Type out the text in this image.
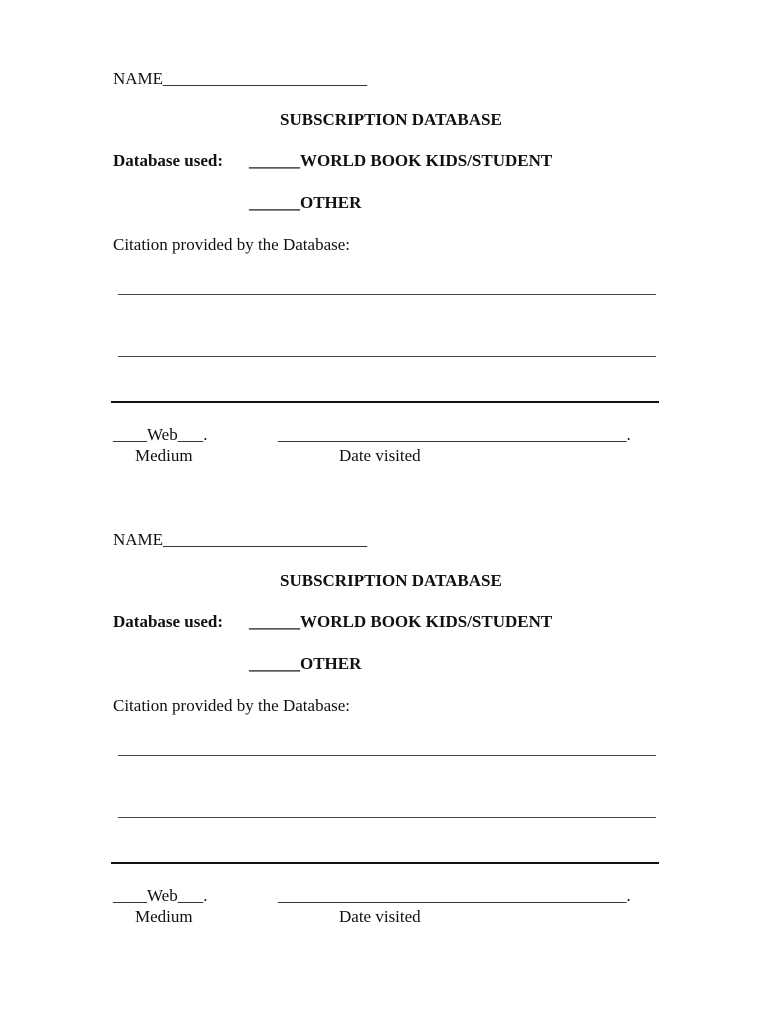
NAME________________________
SUBSCRIPTION DATABASE
Database used: ______WORLD BOOK KIDS/STUDENT
______OTHER
Citation provided by the Database:
____Web___.	_________________________________________.
Medium	Date visited
NAME________________________
SUBSCRIPTION DATABASE
Database used: ______WORLD BOOK KIDS/STUDENT
______OTHER
Citation provided by the Database:
____Web___.	_________________________________________.
Medium	Date visited
